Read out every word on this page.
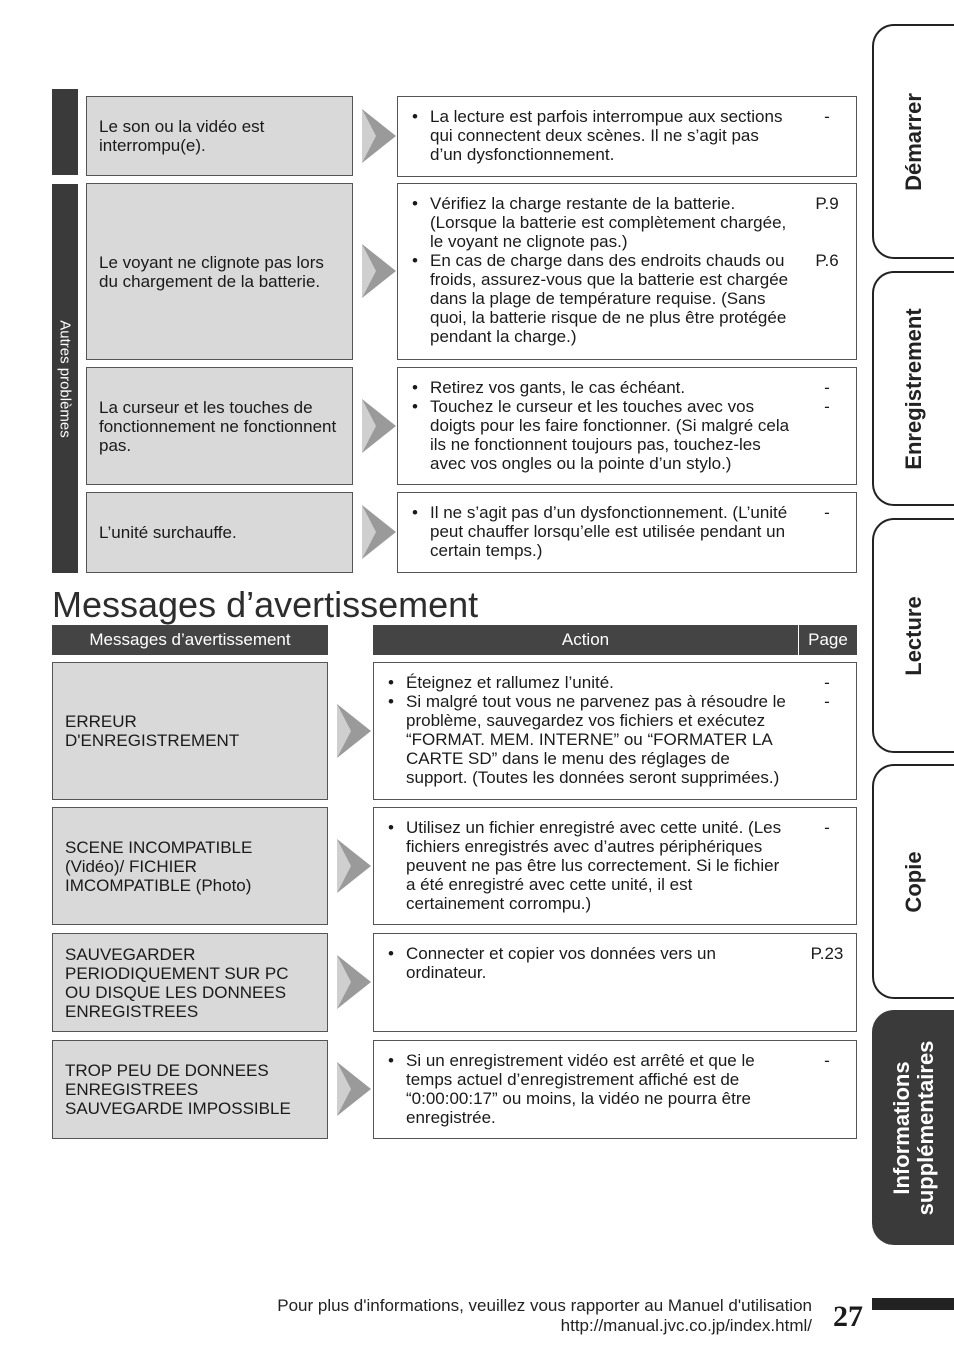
Autres problèmes
Le son ou la vidéo est interrompu(e).
• La lecture est parfois interrompue aux sections qui connectent deux scènes. Il ne s’agit pas d’un dysfonctionnement.
-
Le voyant ne clignote pas lors du chargement de la batterie.
• Vérifiez la charge restante de la batterie. (Lorsque la batterie est complètement chargée, le voyant ne clignote pas.)
• En cas de charge dans des endroits chauds ou froids, assurez-vous que la batterie est chargée dans la plage de température requise. (Sans quoi, la batterie risque de ne plus être protégée pendant la charge.)
P.9
P.6
La curseur et les touches de fonctionnement ne fonctionnent pas.
• Retirez vos gants, le cas échéant.
• Touchez le curseur et les touches avec vos doigts pour les faire fonctionner. (Si malgré cela ils ne fonctionnent toujours pas, touchez-les avec vos ongles ou la pointe d’un stylo.)
-
-
L’unité surchauffe.
• Il ne s’agit pas d’un dysfonctionnement. (L’unité peut chauffer lorsqu’elle est utilisée pendant un certain temps.)
-
Messages d’avertissement
Messages d’avertissement	Action	Page
ERREUR D'ENREGISTREMENT
• Éteignez et rallumez l’unité.
• Si malgré tout vous ne parvenez pas à résoudre le problème, sauvegardez vos fichiers et exécutez “FORMAT. MEM. INTERNE” ou “FORMATER LA CARTE SD” dans le menu des réglages de support. (Toutes les données seront supprimées.)
-
-
SCENE INCOMPATIBLE (Vidéo)/ FICHIER IMCOMPATIBLE (Photo)
• Utilisez un fichier enregistré avec cette unité. (Les fichiers enregistrés avec d’autres périphériques peuvent ne pas être lus correctement. Si le fichier a été enregistré avec cette unité, il est certainement corrompu.)
-
SAUVEGARDER PERIODIQUEMENT SUR PC OU DISQUE LES DONNEES ENREGISTREES
• Connecter et copier vos données vers un ordinateur.
P.23
TROP PEU DE DONNEES ENREGISTREES SAUVEGARDE IMPOSSIBLE
• Si un enregistrement vidéo est arrêté et que le temps actuel d’enregistrement affiché est de “0:00:00:17” ou moins, la vidéo ne pourra être enregistrée.
-
Démarrer
Enregistrement
Lecture
Copie
Informations supplémentaires
Pour plus d'informations, veuillez vous rapporter au Manuel d'utilisation
http://manual.jvc.co.jp/index.html/ 27
